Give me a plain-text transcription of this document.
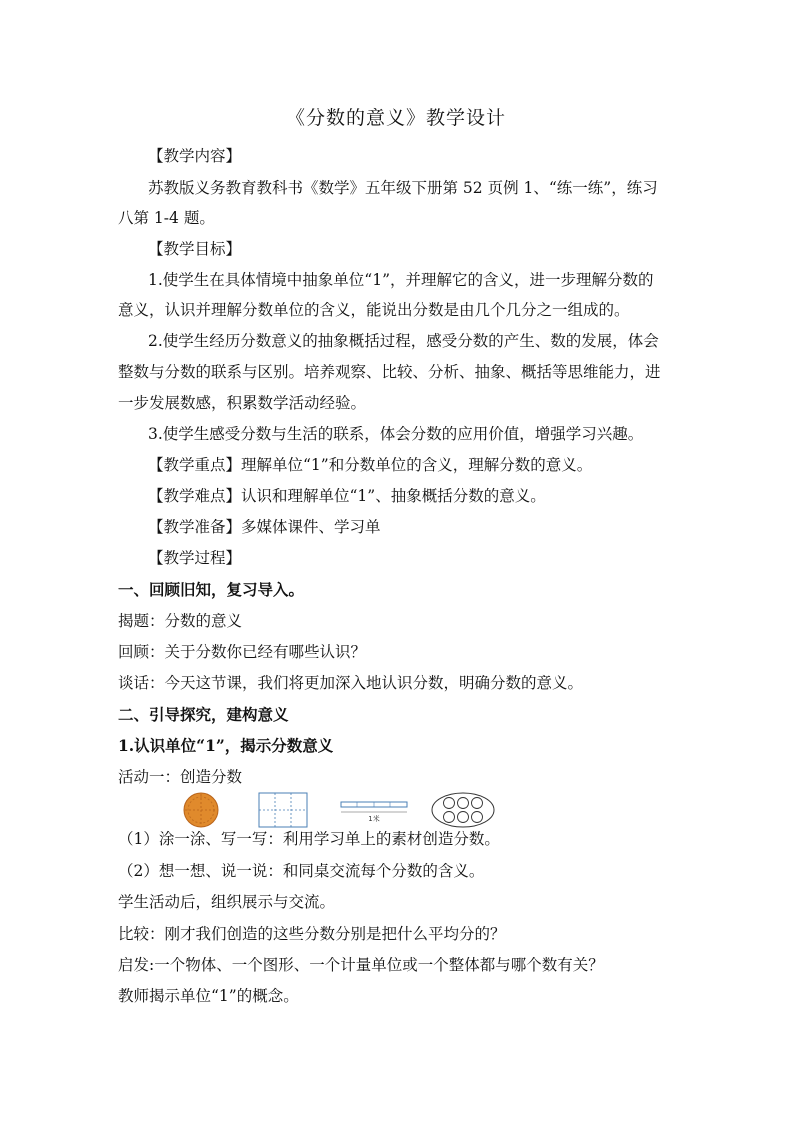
《分数的意义》教学设计
【教学内容】
苏教版义务教育教科书《数学》五年级下册第 52 页例 1、“练一练”，练习
八第 1-4 题。
【教学目标】
1.使学生在具体情境中抽象单位“1”，并理解它的含义，进一步理解分数的
意义，认识并理解分数单位的含义，能说出分数是由几个几分之一组成的。
2.使学生经历分数意义的抽象概括过程，感受分数的产生、数的发展，体会
整数与分数的联系与区别。培养观察、比较、分析、抽象、概括等思维能力，进
一步发展数感，积累数学活动经验。
3.使学生感受分数与生活的联系，体会分数的应用价值，增强学习兴趣。
【教学重点】理解单位“1”和分数单位的含义，理解分数的意义。
【教学难点】认识和理解单位“1”、抽象概括分数的意义。
【教学准备】多媒体课件、学习单
【教学过程】
一、回顾旧知，复习导入。
揭题：分数的意义
回顾：关于分数你已经有哪些认识？
谈话：今天这节课，我们将更加深入地认识分数，明确分数的意义。
二、引导探究，建构意义
1.认识单位“1”，揭示分数意义
活动一：创造分数
1米
（1）涂一涂、写一写：利用学习单上的素材创造分数。
（2）想一想、说一说：和同桌交流每个分数的含义。
学生活动后，组织展示与交流。
比较：刚才我们创造的这些分数分别是把什么平均分的？
启发:一个物体、一个图形、一个计量单位或一个整体都与哪个数有关？
教师揭示单位“1”的概念。
